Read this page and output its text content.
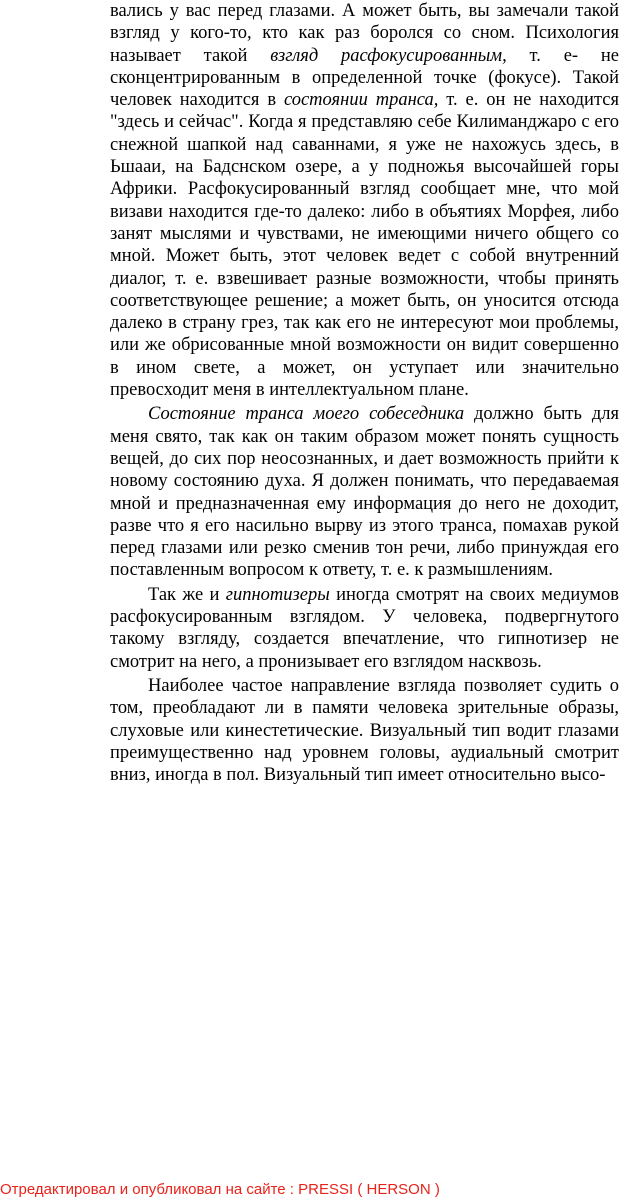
вались у вас перед глазами. А может быть, вы замечали такой взгляд у кого-то, кто как раз боролся со сном. Психология называет такой взгляд расфокусированным, т. е- не сконцентрированным в определенной точке (фокусе). Такой человек находится в состоянии транса, т. е. он не находится "здесь и сейчас". Когда я представляю себе Килиманджаро с его снежной шапкой над саваннами, я уже не нахожусь здесь, в Ьшааи, на Бадснском озере, а у подножья высочайшей горы Африки. Расфокусированный взгляд сообщает мне, что мой визави находится где-то далеко: либо в объятиях Морфея, либо занят мыслями и чувствами, не имеющими ничего общего со мной. Может быть, этот человек ведет с собой внутренний диалог, т. е. взвешивает разные возможности, чтобы принять соответствующее решение; а может быть, он уносится отсюда далеко в страну грез, так как его не интересуют мои проблемы, или же обрисованные мной возможности он видит совершенно в ином свете, а может, он уступает или значительно превосходит меня в интеллектуальном плане.

Состояние транса моего собеседника должно быть для меня свято, так как он таким образом может понять сущность вещей, до сих пор неосознанных, и дает возможность прийти к новому состоянию духа. Я должен понимать, что передаваемая мной и предназначенная ему информация до него не доходит, разве что я его насильно вырву из этого транса, помахав рукой перед глазами или резко сменив тон речи, либо принуждая его поставленным вопросом к ответу, т. е. к размышлениям.

Так же и гипнотизеры иногда смотрят на своих медиумов расфокусированным взглядом. У человека, подвергнутого такому взгляду, создается впечатление, что гипнотизер не смотрит на него, а пронизывает его взглядом насквозь.

Наиболее частое направление взгляда позволяет судить о том, преобладают ли в памяти человека зрительные образы, слуховые или кинестетические. Визуальный тип водит глазами преимущественно над уровнем головы, аудиальный смотрит вниз, иногда в пол. Визуальный тип имеет относительно высо-

Отредактировал и опубликовал на сайте : PRESSI ( HERSON )
